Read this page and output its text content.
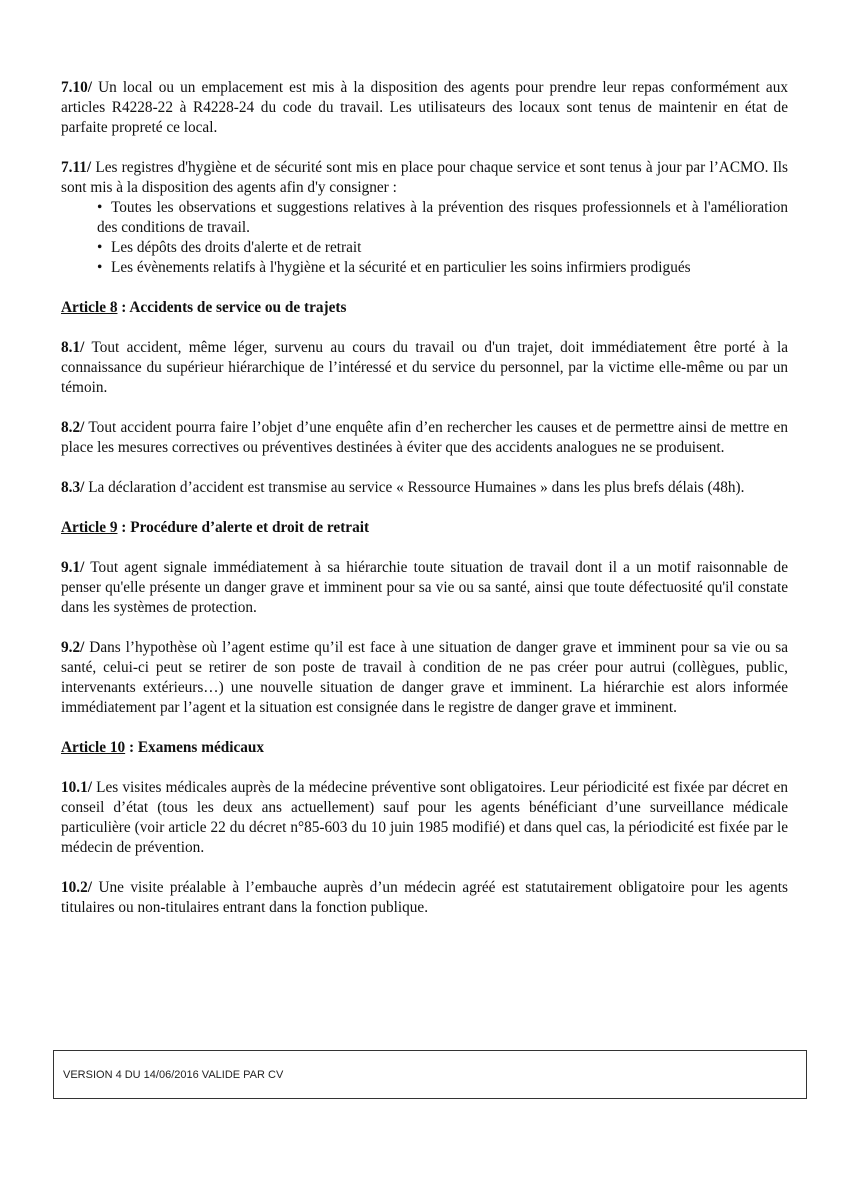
7.10/ Un local ou un emplacement est mis à la disposition des agents pour prendre leur repas conformément aux articles R4228-22 à R4228-24 du code du travail. Les utilisateurs des locaux sont tenus de maintenir en état de parfaite propreté ce local.

7.11/ Les registres d'hygiène et de sécurité sont mis en place pour chaque service et sont tenus à jour par l’ACMO. Ils sont mis à la disposition des agents afin d'y consigner :

• Toutes les observations et suggestions relatives à la prévention des risques professionnels et à l'amélioration des conditions de travail.
• Les dépôts des droits d'alerte et de retrait
• Les évènements relatifs à l'hygiène et la sécurité et en particulier les soins infirmiers prodigués

Article 8 : Accidents de service ou de trajets

8.1/ Tout accident, même léger, survenu au cours du travail ou d'un trajet, doit immédiatement être porté à la connaissance du supérieur hiérarchique de l’intéressé et du service du personnel, par la victime elle-même ou par un témoin.

8.2/ Tout accident pourra faire l’objet d’une enquête afin d’en rechercher les causes et de permettre ainsi de mettre en place les mesures correctives ou préventives destinées à éviter que des accidents analogues ne se produisent.

8.3/ La déclaration d’accident est transmise au service « Ressource Humaines » dans les plus brefs délais (48h).

Article 9 : Procédure d’alerte et droit de retrait

9.1/ Tout agent signale immédiatement à sa hiérarchie toute situation de travail dont il a un motif raisonnable de penser qu'elle présente un danger grave et imminent pour sa vie ou sa santé, ainsi que toute défectuosité qu'il constate dans les systèmes de protection.

9.2/ Dans l’hypothèse où l’agent estime qu’il est face à une situation de danger grave et imminent pour sa vie ou sa santé, celui-ci peut se retirer de son poste de travail à condition de ne pas créer pour autrui (collègues, public, intervenants extérieurs…) une nouvelle situation de danger grave et imminent. La hiérarchie est alors informée immédiatement par l’agent et la situation est consignée dans le registre de danger grave et imminent.

Article 10 : Examens médicaux

10.1/ Les visites médicales auprès de la médecine préventive sont obligatoires. Leur périodicité est fixée par décret en conseil d’état (tous les deux ans actuellement) sauf pour les agents bénéficiant d’une surveillance médicale particulière (voir article 22 du décret n°85-603 du 10 juin 1985 modifié) et dans quel cas, la périodicité est fixée par le médecin de prévention.

10.2/ Une visite préalable à l’embauche auprès d’un médecin agréé est statutairement obligatoire pour les agents titulaires ou non-titulaires entrant dans la fonction publique.

VERSION 4 DU 14/06/2016 VALIDE PAR CV
